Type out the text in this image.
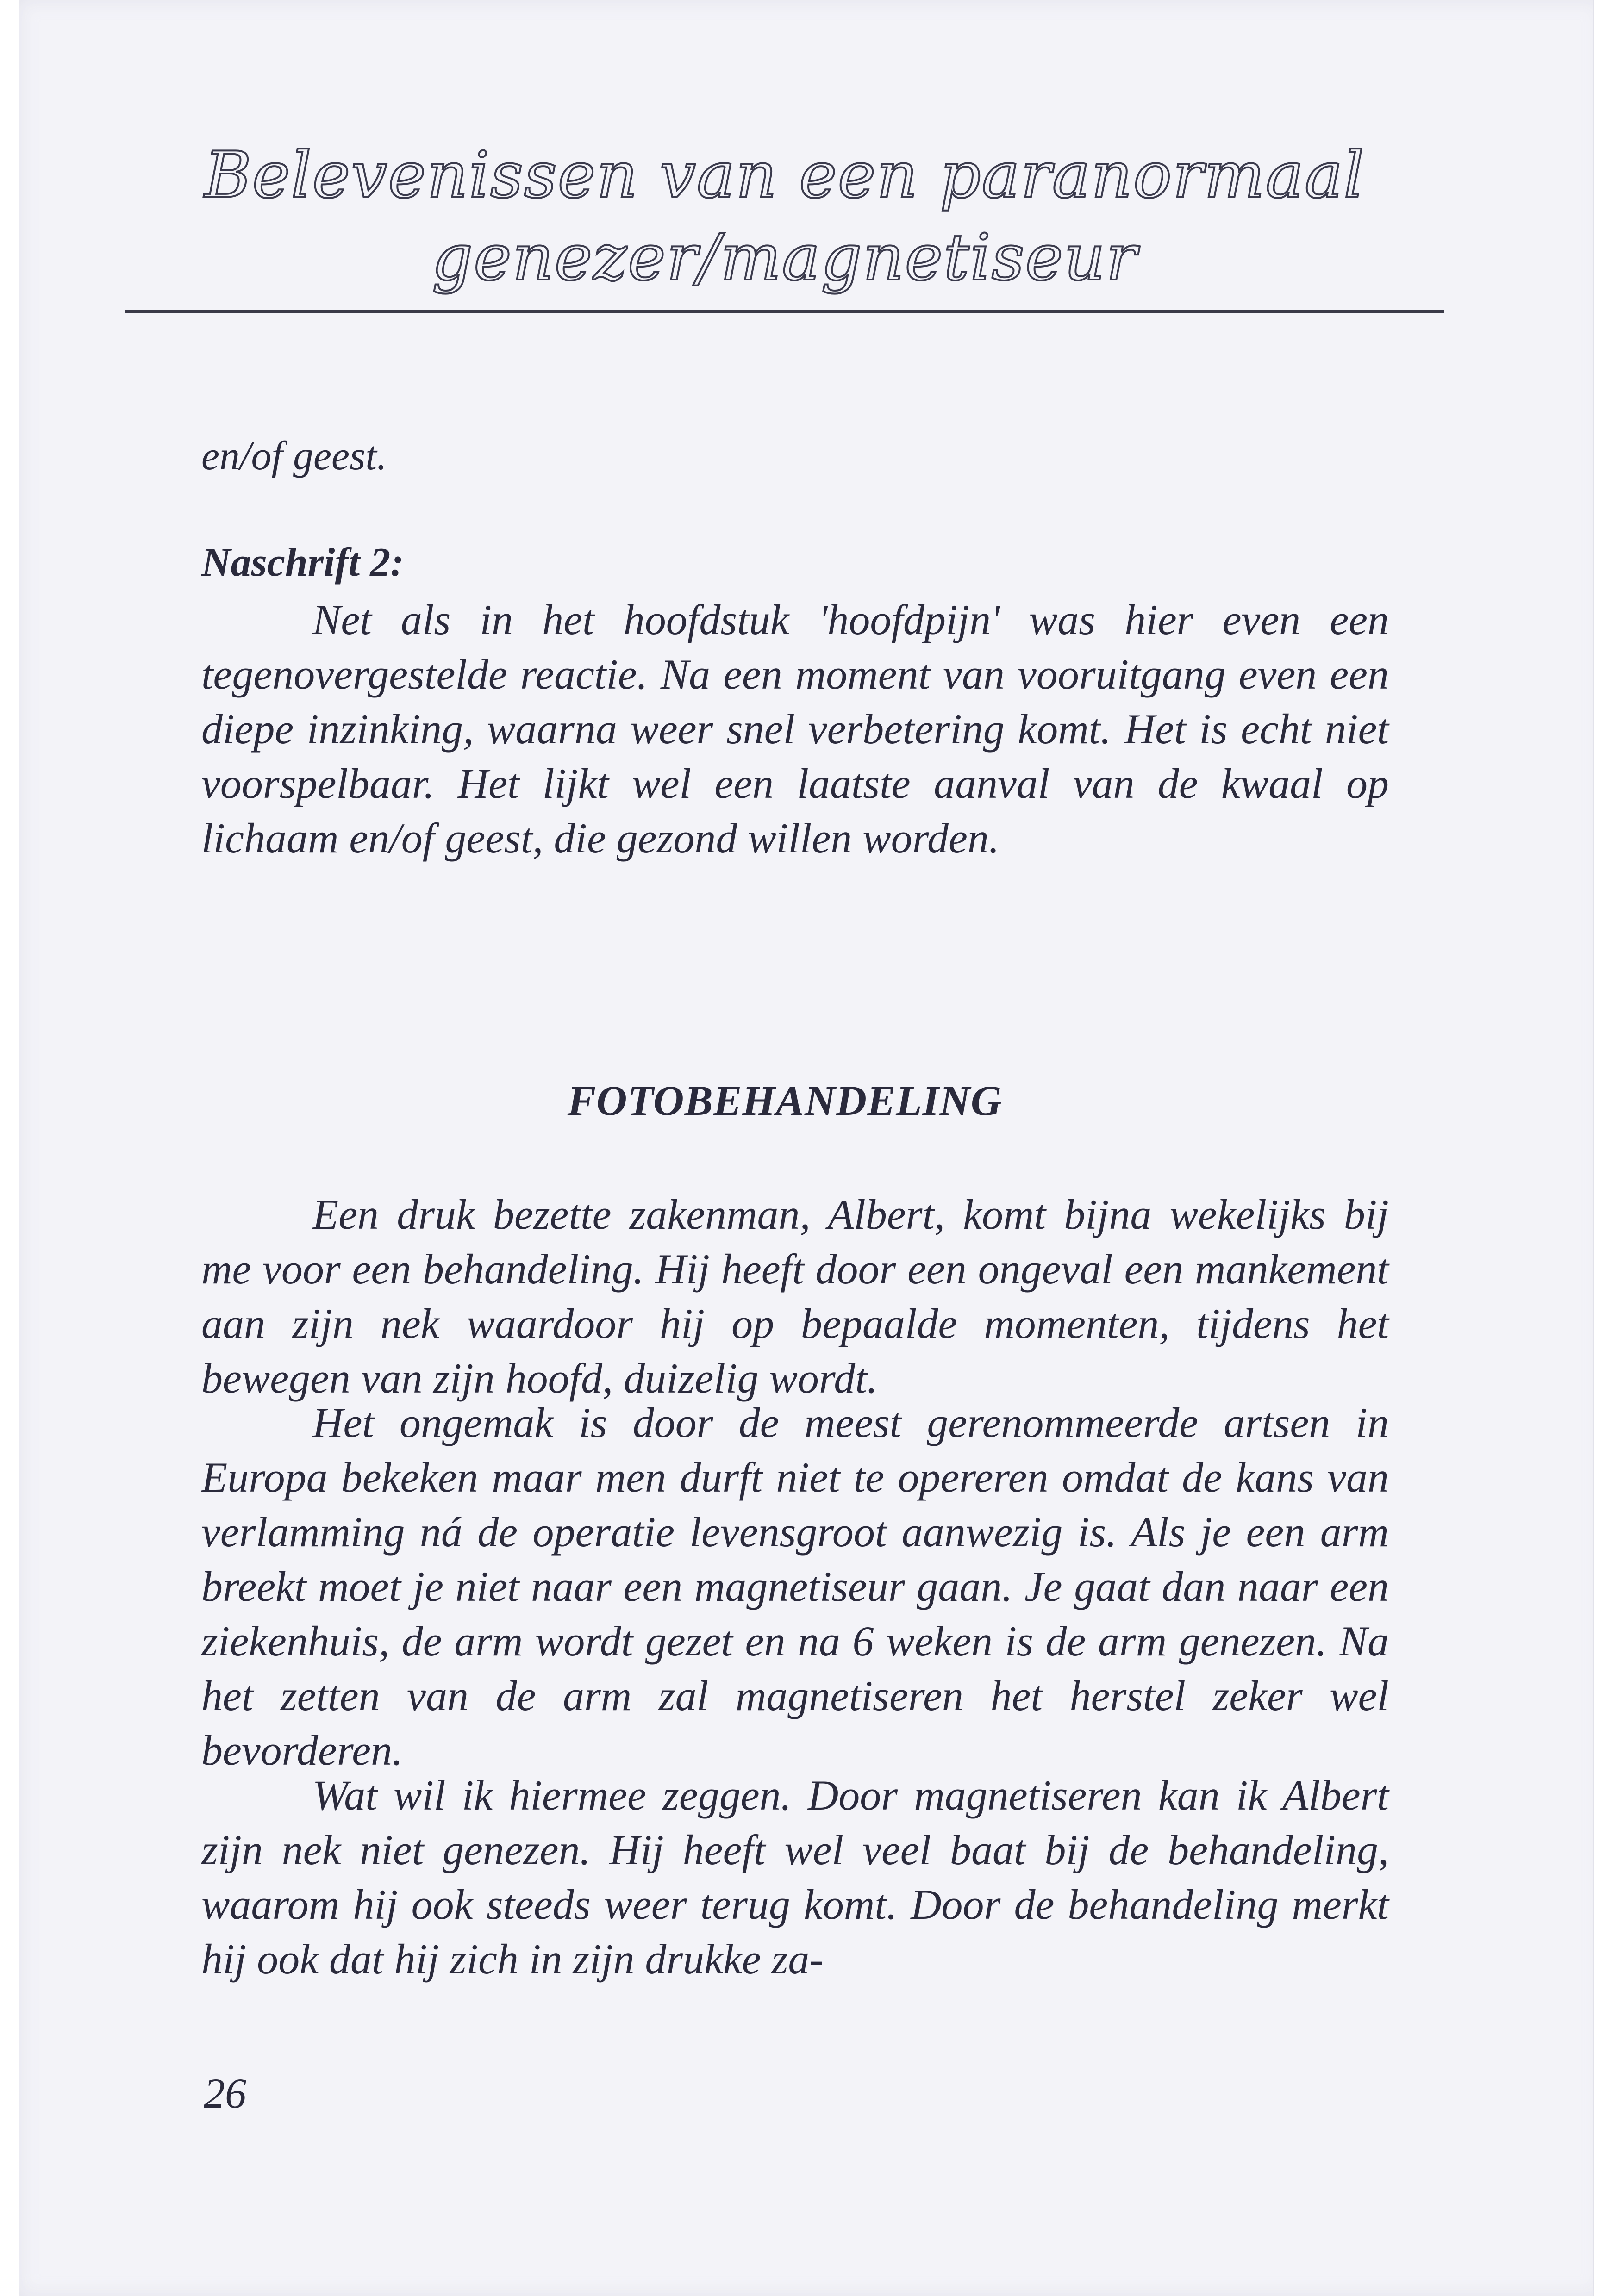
Belevenissen van een paranormaal
genezer/magnetiseur
en/of geest.
Naschrift 2:
Net als in het hoofdstuk 'hoofdpijn' was hier even een tegenovergestelde reactie. Na een moment van vooruitgang even een diepe inzinking, waarna weer snel verbetering komt. Het is echt niet voorspelbaar. Het lijkt wel een laatste aanval van de kwaal op lichaam en/of geest, die gezond willen worden.
FOTOBEHANDELING
Een druk bezette zakenman, Albert, komt bijna wekelijks bij me voor een behandeling. Hij heeft door een ongeval een mankement aan zijn nek waardoor hij op bepaalde momenten, tijdens het bewegen van zijn hoofd, duizelig wordt.
Het ongemak is door de meest gerenommeerde artsen in Europa bekeken maar men durft niet te opereren omdat de kans van verlamming ná de operatie levensgroot aanwezig is. Als je een arm breekt moet je niet naar een magnetiseur gaan. Je gaat dan naar een ziekenhuis, de arm wordt gezet en na 6 weken is de arm genezen. Na het zetten van de arm zal magnetiseren het herstel zeker wel bevorderen.
Wat wil ik hiermee zeggen. Door magnetiseren kan ik Albert zijn nek niet genezen. Hij heeft wel veel baat bij de behandeling, waarom hij ook steeds weer terug komt. Door de behandeling merkt hij ook dat hij zich in zijn drukke za-
26
